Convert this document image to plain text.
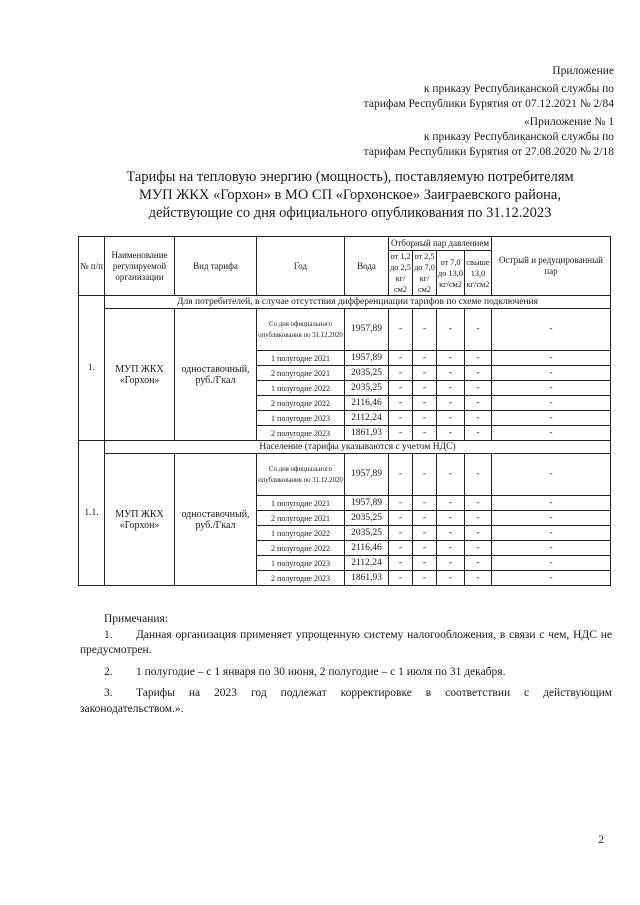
Приложение
к приказу Республиканской службы по
тарифам Республики Бурятия от 07.12.2021 № 2/84
«Приложение № 1
к приказу Республиканской службы по
тарифам Республики Бурятия от 27.08.2020 № 2/18
Тарифы на тепловую энергию (мощность), поставляемую потребителям
МУП ЖКХ «Горхон» в МО СП «Горхонское» Заиграевского района,
действующие со дня официального опубликования по 31.12.2023
№ п/п	Наименование регулируемой организации	Вид тарифа	Год	Вода	Отборный пар давлением				Острый и редуцированный пар
					от 1,2 до 2,5 кг/см2	от 2,5 до 7,0 кг/см2	от 7,0 до 13,0 кг/см2	свыше 13,0 кг/см2	
1.	Для потребителей, в случае отсутствия дифференциации тарифов по схеме подключения								
	МУП ЖКХ «Горхон»	одноставочный, руб./Гкал	Со дня официального опубликования по 31.12.2020	1957,89	-	-	-	-	-
			1 полугодие 2021	1957,89	-	-	-	-	-
			2 полугодие 2021	2035,25	-	-	-	-	-
			1 полугодие 2022	2035,25	-	-	-	-	-
			2 полугодие 2022	2116,46	-	-	-	-	-
			1 полугодие 2023	2112,24	-	-	-	-	-
			2 полугодие 2023	1861,93	-	-	-	-	-
1.1.	Население (тарифы указываются с учетом НДС)								
	МУП ЖКХ «Горхон»	одноставочный, руб./Гкал	Со дня официального опубликования по 31.12.2020	1957,89	-	-	-	-	-
			1 полугодие 2021	1957,89	-	-	-	-	-
			2 полугодие 2021	2035,25	-	-	-	-	-
			1 полугодие 2022	2035,25	-	-	-	-	-
			2 полугодие 2022	2116,46	-	-	-	-	-
			1 полугодие 2023	2112,24	-	-	-	-	-
			2 полугодие 2023	1861,93	-	-	-	-	-
Примечания:
1.	Данная организация применяет упрощенную систему налогообложения, в связи с чем, НДС не предусмотрен.
2.	1 полугодие – с 1 января по 30 июня, 2 полугодие – с 1 июля по 31 декабря.
3.	Тарифы на 2023 год подлежат корректировке в соответствии с действующим законодательством.».
2
